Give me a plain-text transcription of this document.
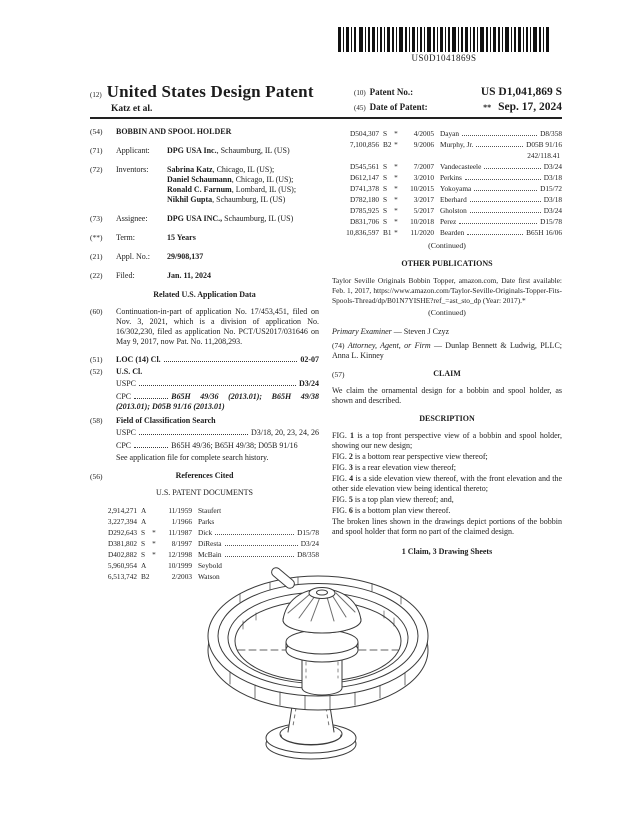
US0D1041869S
(12) United States Design Patent
Katz et al.
(10) Patent No.:	US D1,041,869 S
(45) Date of Patent:	** Sep. 17, 2024
(54)	BOBBIN AND SPOOL HOLDER
(71)	Applicant:	DPG USA Inc., Schaumburg, IL (US)
(72)	Inventors:	Sabrina Katz, Chicago, IL (US);
Daniel Schaumann, Chicago, IL (US);
Ronald C. Farnum, Lombard, IL (US);
Nikhil Gupta, Schaumburg, IL (US)
(73)	Assignee:	DPG USA INC., Schaumburg, IL (US)
(**)	Term:	15 Years
(21)	Appl. No.:	29/908,137
(22)	Filed:	Jan. 11, 2024
Related U.S. Application Data
(60)	Continuation-in-part of application No. 17/453,451, filed on Nov. 3, 2021, which is a division of application No. 16/302,230, filed as application No. PCT/US2017/031646 on May 9, 2017, now Pat. No. 11,208,293.
(51)	LOC (14) Cl.	02-07
(52)	U.S. Cl.
USPC	D3/24
CPC	B65H 49/36 (2013.01); B65H 49/38 (2013.01); D05B 91/16 (2013.01)
(58)	Field of Classification Search
USPC	D3/18, 20, 23, 24, 26
CPC	B65H 49/36; B65H 49/38; D05B 91/16
See application file for complete search history.
(56)	References Cited
U.S. PATENT DOCUMENTS
2,914,271 A	11/1959 Staufert
3,227,394 A	1/1966 Parks
D292,643 S *	11/1987 Dick	D15/78
D381,802 S *	8/1997 DiResta	D3/24
D402,882 S *	12/1998 McBain	D8/358
5,960,954 A	10/1999 Seybold
6,513,742 B2	2/2003 Watson
D504,307 S *	4/2005 Dayan	D8/358
7,100,856 B2 *	9/2006 Murphy, Jr.	D05B 91/16
242/118.41
D545,561 S *	7/2007 Vandecasteele	D3/24
D612,147 S *	3/2010 Perkins	D3/18
D741,378 S *	10/2015 Yokoyama	D15/72
D782,180 S *	3/2017 Eberhard	D3/18
D785,925 S *	5/2017 Gholston	D3/24
D831,706 S *	10/2018 Perez	D15/78
10,836,597 B1 *	11/2020 Bearden	B65H 16/06
(Continued)
OTHER PUBLICATIONS

Taylor Seville Originals Bobbin Topper, amazon.com, Date first available: Feb. 1, 2017, https://www.amazon.com/Taylor-Seville-Originals-Topper-Fits-Spools-Thread/dp/B01N7YISHE?ref_=ast_sto_dp (Year: 2017).*

(Continued)

Primary Examiner — Steven J Czyz

(74) Attorney, Agent, or Firm — Dunlap Bennett & Ludwig, PLLC; Anna L. Kinney

(57)	CLAIM

We claim the ornamental design for a bobbin and spool holder, as shown and described.

DESCRIPTION

FIG. 1 is a top front perspective view of a bobbin and spool holder, showing our new design;

FIG. 2 is a bottom rear perspective view thereof;

FIG. 3 is a rear elevation view thereof;

FIG. 4 is a side elevation view thereof, with the front elevation and the other side elevation view being identical thereto;

FIG. 5 is a top plan view thereof; and,

FIG. 6 is a bottom plan view thereof.

The broken lines shown in the drawings depict portions of the bobbin and spool holder that form no part of the claimed design.

1 Claim, 3 Drawing Sheets
